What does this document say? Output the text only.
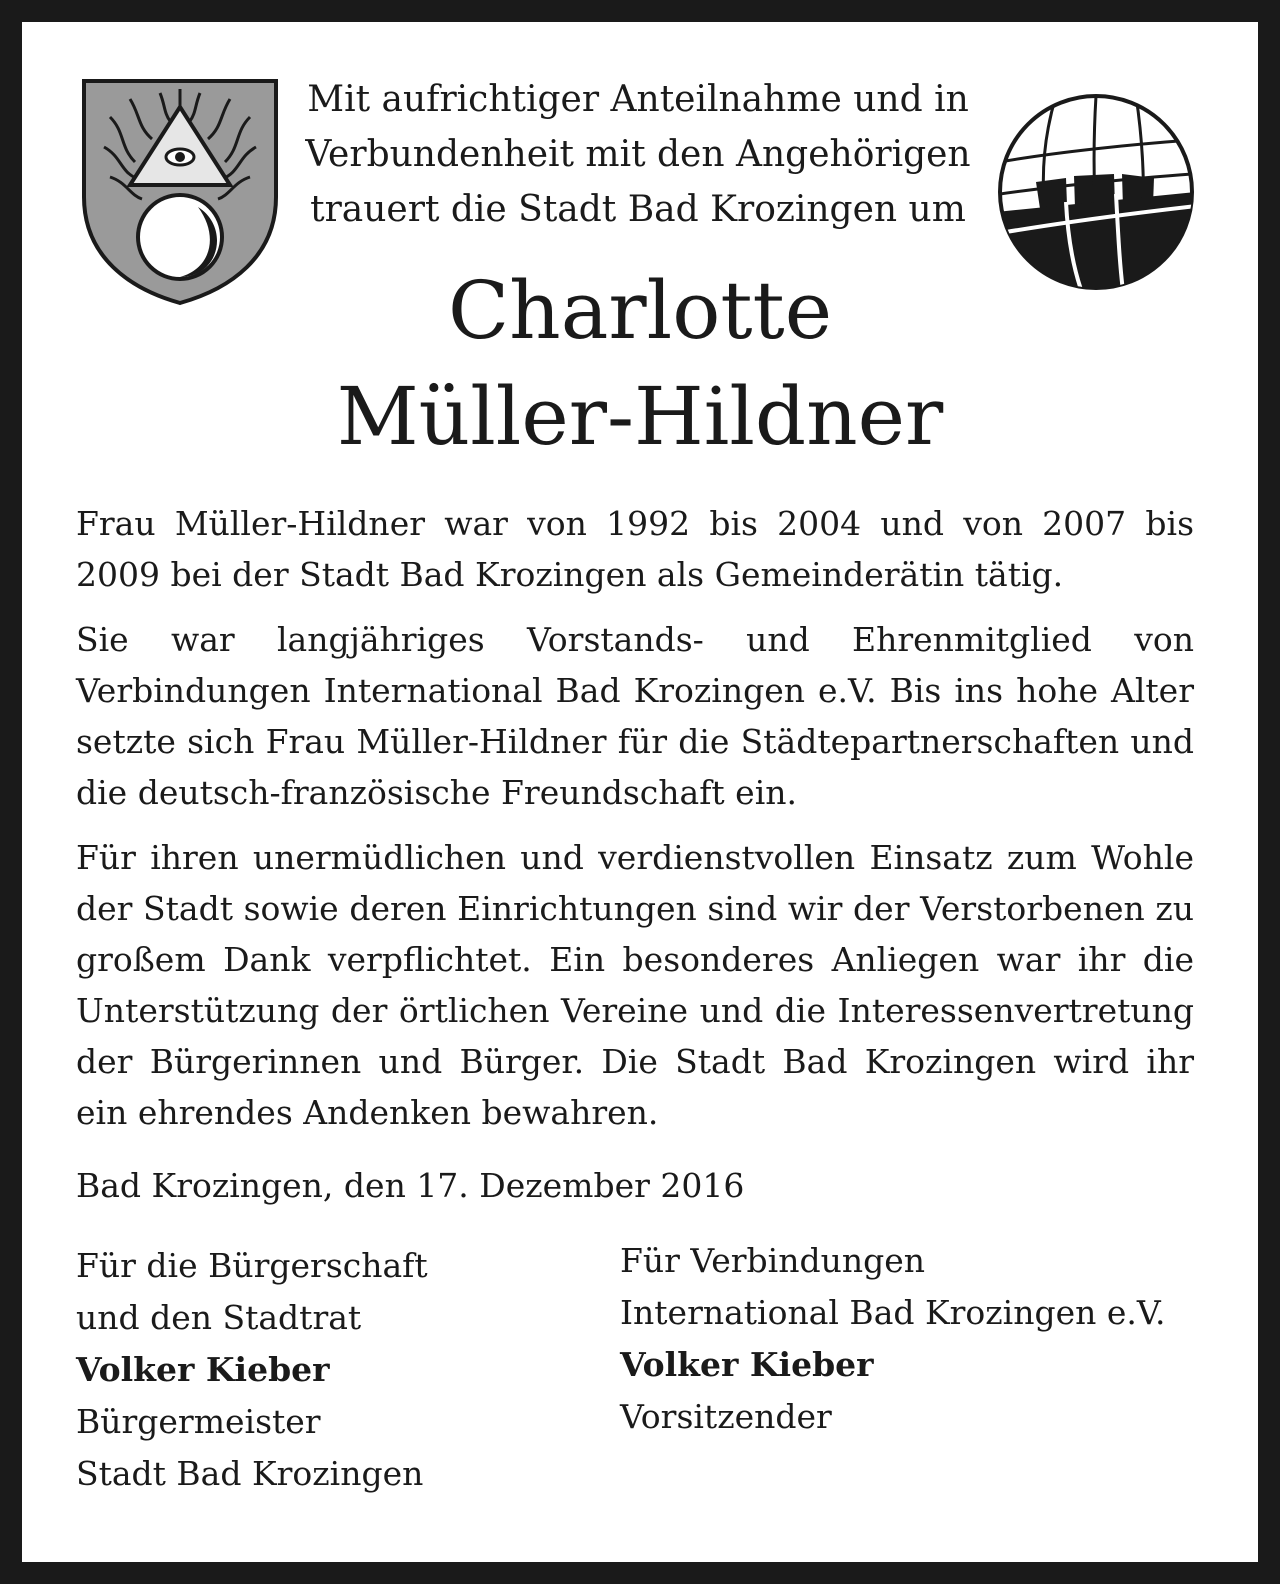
Mit aufrichtiger Anteilnahme und in
Verbundenheit mit den Angehörigen
trauert die Stadt Bad Krozingen um
Charlotte
Müller-Hildner

Frau Müller-Hildner war von 1992 bis 2004 und von 2007 bis 2009 bei der Stadt Bad Krozingen als Gemeinderätin tätig.

Sie war langjähriges Vorstands- und Ehrenmitglied von Verbindungen International Bad Krozingen e.V. Bis ins hohe Alter setzte sich Frau Müller-Hildner für die Städtepartnerschaften und die deutsch-französische Freundschaft ein.

Für ihren unermüdlichen und verdienstvollen Einsatz zum Wohle der Stadt sowie deren Einrichtungen sind wir der Verstorbenen zu großem Dank verpflichtet. Ein besonderes Anliegen war ihr die Unterstützung der örtlichen Vereine und die Interessenvertretung der Bürgerinnen und Bürger. Die Stadt Bad Krozingen wird ihr ein ehrendes Andenken bewahren.

Bad Krozingen, den 17. Dezember 2016
Für die Bürgerschaft
und den Stadtrat
Volker Kieber
Bürgermeister
Stadt Bad Krozingen
Für Verbindungen
International Bad Krozingen e.V.
Volker Kieber
Vorsitzender
